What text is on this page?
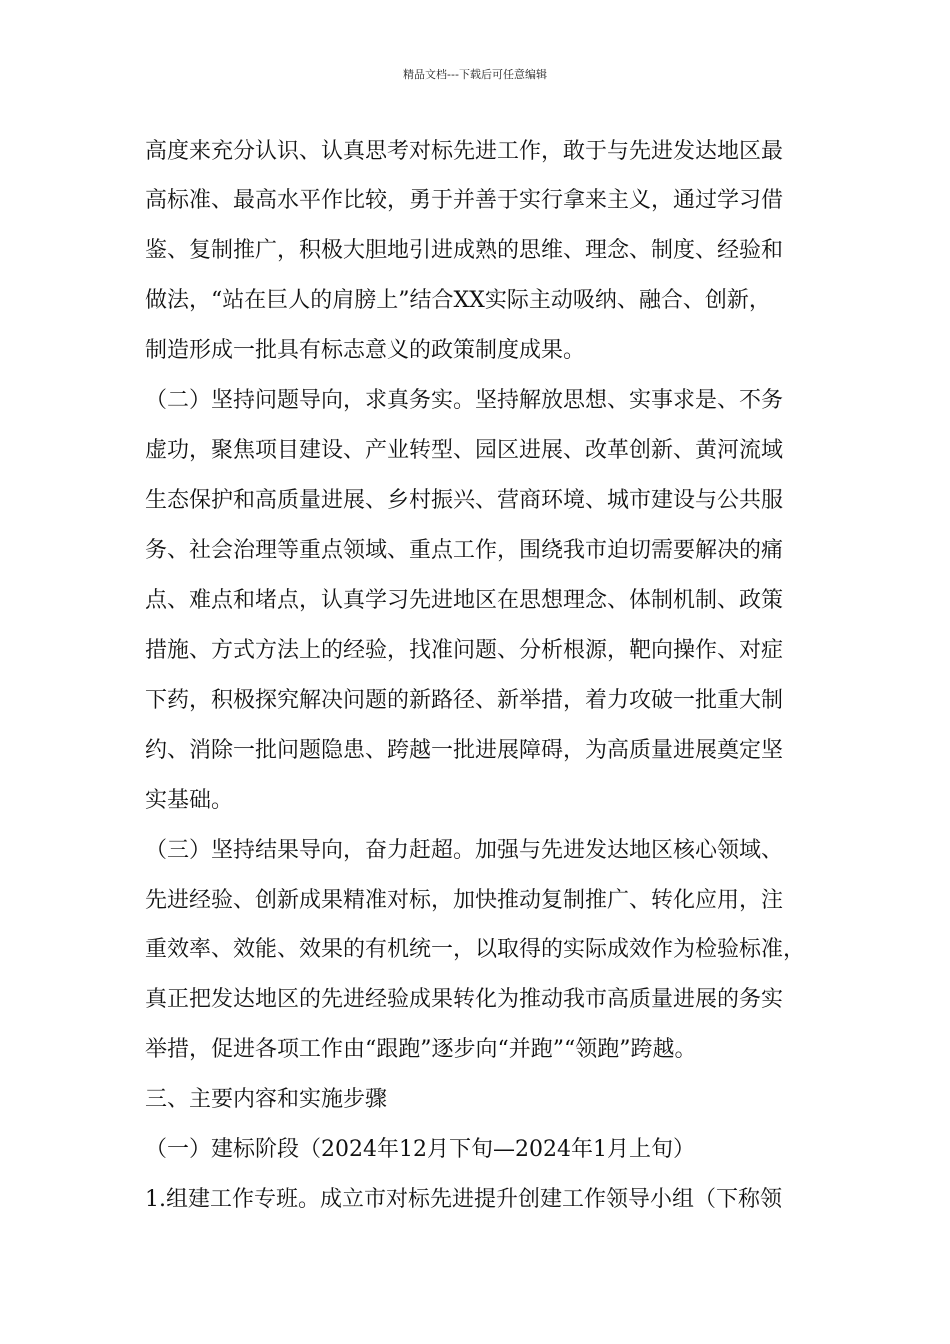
精品文档---下载后可任意编辑
高度来充分认识、认真思考对标先进工作，敢于与先进发达地区最
高标准、最高水平作比较，勇于并善于实行拿来主义，通过学习借
鉴、复制推广，积极大胆地引进成熟的思维、理念、制度、经验和
做法，“站在巨人的肩膀上”结合XX实际主动吸纳、融合、创新，
制造形成一批具有标志意义的政策制度成果。
（二）坚持问题导向，求真务实。坚持解放思想、实事求是、不务
虚功，聚焦项目建设、产业转型、园区进展、改革创新、黄河流域
生态保护和高质量进展、乡村振兴、营商环境、城市建设与公共服
务、社会治理等重点领域、重点工作，围绕我市迫切需要解决的痛
点、难点和堵点，认真学习先进地区在思想理念、体制机制、政策
措施、方式方法上的经验，找准问题、分析根源，靶向操作、对症
下药，积极探究解决问题的新路径、新举措，着力攻破一批重大制
约、消除一批问题隐患、跨越一批进展障碍，为高质量进展奠定坚
实基础。
（三）坚持结果导向，奋力赶超。加强与先进发达地区核心领域、
先进经验、创新成果精准对标，加快推动复制推广、转化应用，注
重效率、效能、效果的有机统一，以取得的实际成效作为检验标准，
真正把发达地区的先进经验成果转化为推动我市高质量进展的务实
举措，促进各项工作由“跟跑”逐步向“并跑”“领跑”跨越。
三、主要内容和实施步骤
（一）建标阶段（2024年12月下旬—2024年1月上旬）
1.组建工作专班。成立市对标先进提升创建工作领导小组（下称领
